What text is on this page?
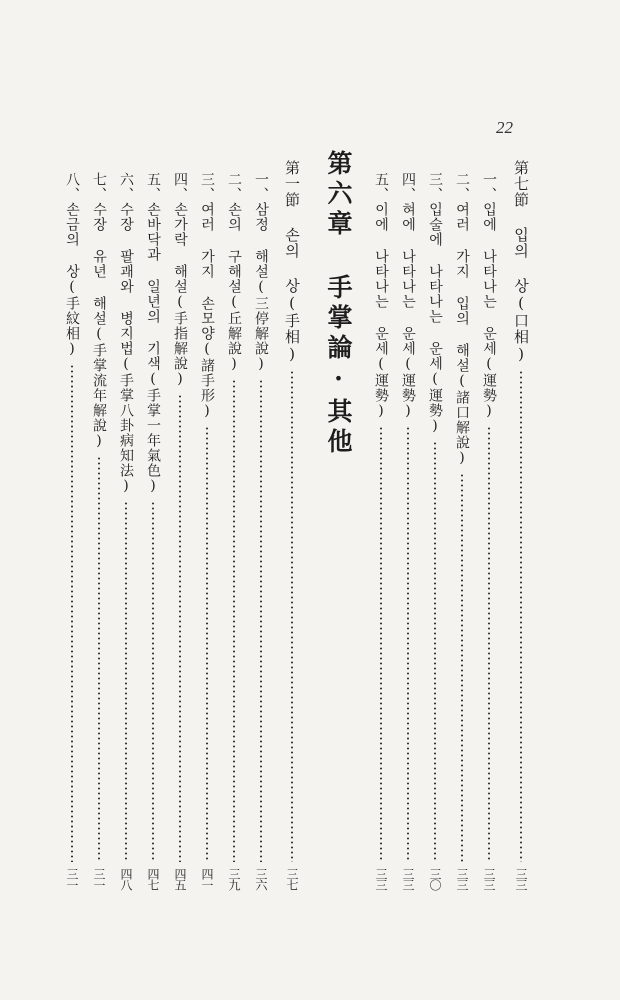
22
第七節 입의 상(口相)
三三
一、입에 나타나는 운세(運勢)
三三
二、여러 가지 입의 해설(諸口解說)
三三
三、입술에 나타나는 운세(運勢)
三〇
四、혀에 나타나는 운세(運勢)
三三
五、이에 나타나는 운세(運勢)
三三
第六章 手掌論·其他
第一節 손의 상(手相)
三七
一、삼정 해설(三停解說)
三六
二、손의 구해설(丘解說)
三九
三、여러 가지 손모양(諸手形)
四一
四、손가락 해설(手指解說)
四五
五、손바닥과 일년의 기색(手掌一年氣色)
四七
六、수장 팔괘와 병지법(手掌八卦病知法)
四八
七、수장 유년 해설(手掌流年解說)
三一
八、손금의 상(手紋相)
三一
